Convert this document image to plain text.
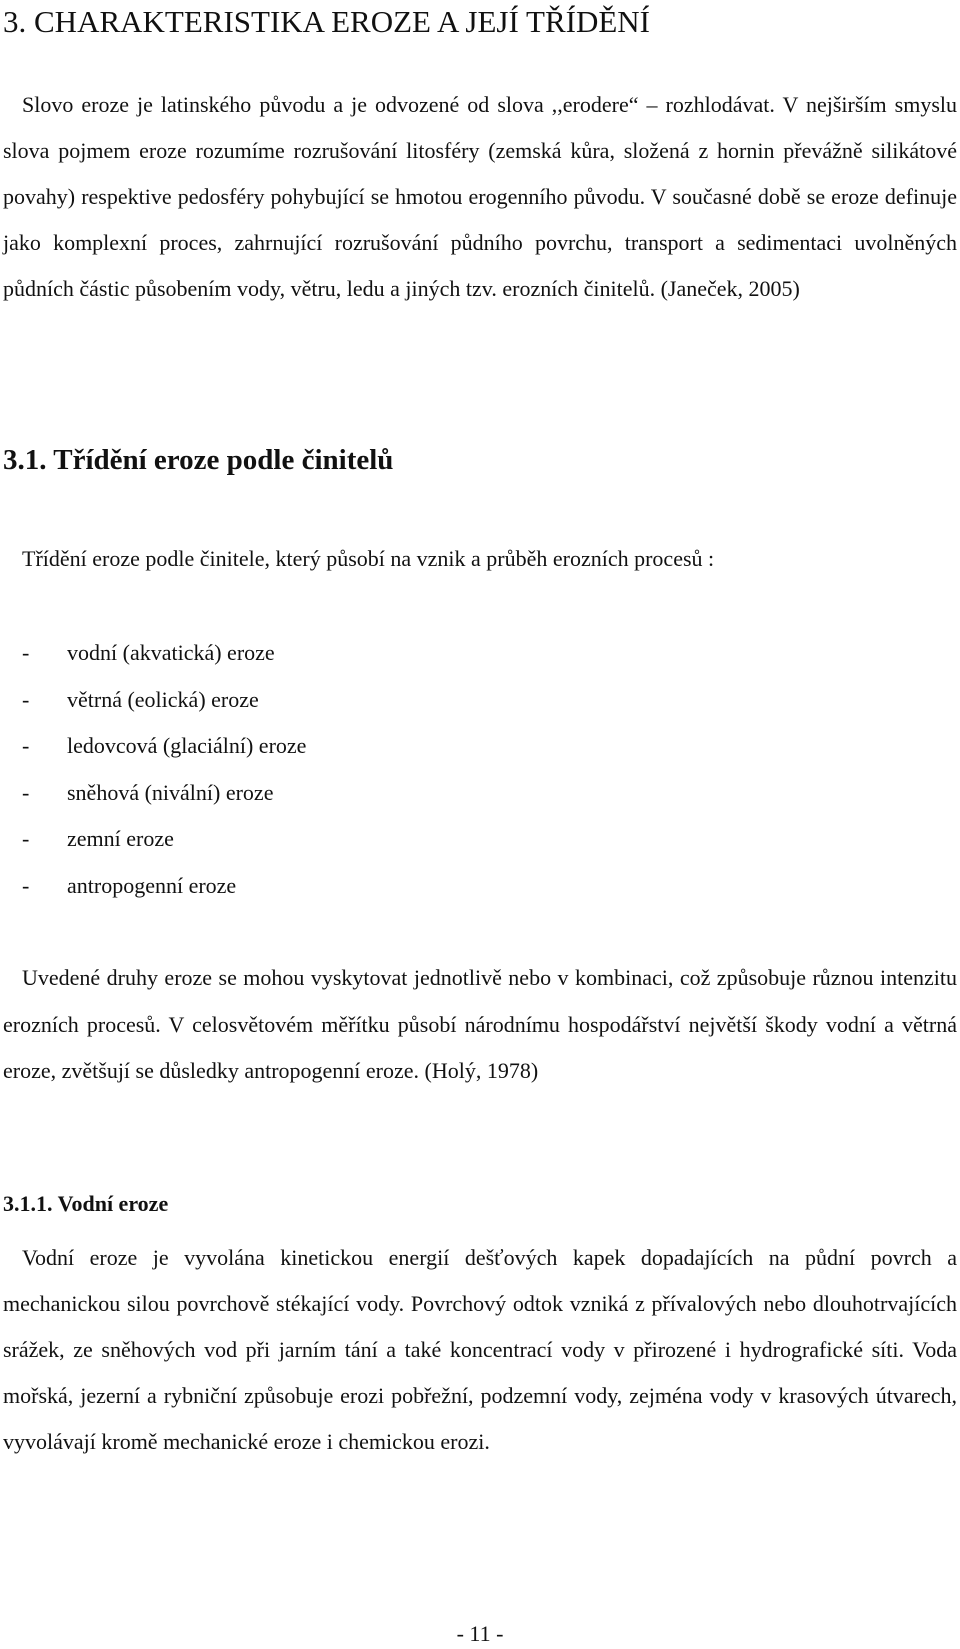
3. CHARAKTERISTIKA EROZE A JEJÍ TŘÍDĚNÍ

Slovo eroze je latinského původu a je odvozené od slova ,,erodere“ – rozhlodávat. V nejširším smyslu slova pojmem eroze rozumíme rozrušování litosféry (zemská kůra, složená z hornin převážně silikátové povahy) respektive pedosféry pohybující se hmotou erogenního původu. V současné době se eroze definuje jako komplexní proces, zahrnující rozrušování půdního povrchu, transport a sedimentaci uvolněných půdních částic působením vody, větru, ledu a jiných tzv. erozních činitelů. (Janeček, 2005)

3.1. Třídění eroze podle činitelů

Třídění eroze podle činitele, který působí na vznik a průběh erozních procesů :

- vodní (akvatická) eroze
- větrná (eolická) eroze
- ledovcová (glaciální) eroze
- sněhová (nivální) eroze
- zemní eroze
- antropogenní eroze

Uvedené druhy eroze se mohou vyskytovat jednotlivě nebo v kombinaci, což způsobuje různou intenzitu erozních procesů. V celosvětovém měřítku působí národnímu hospodářství největší škody vodní a větrná eroze, zvětšují se důsledky antropogenní eroze. (Holý, 1978)

3.1.1. Vodní eroze

Vodní eroze je vyvolána kinetickou energií dešťových kapek dopadajících na půdní povrch a mechanickou silou povrchově stékající vody. Povrchový odtok vzniká z přívalových nebo dlouhotrvajících srážek, ze sněhových vod při jarním tání a také koncentrací vody v přirozené i hydrografické síti. Voda mořská, jezerní a rybniční způsobuje erozi pobřežní, podzemní vody, zejména vody v krasových útvarech, vyvolávají kromě mechanické eroze i chemickou erozi.

- 11 -
